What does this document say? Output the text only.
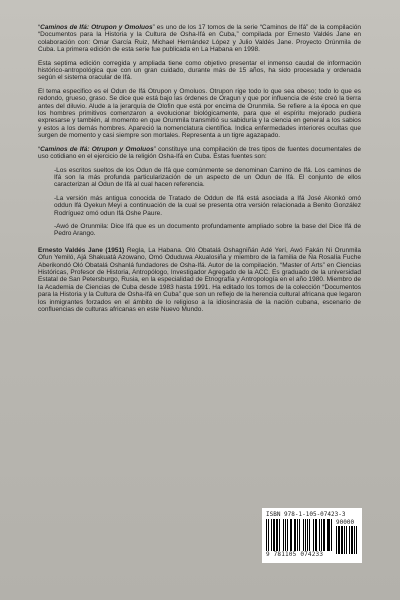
“Caminos de Ifá: Otrupon y Omoluos” es uno de los 17 tomos de la serie “Caminos de Ifá” de la compilación “Documentos para la Historia y la Cultura de Osha-Ifá en Cuba,” compilada por Ernesto Valdés Jane en colaboración con: Omar García Ruiz, Michael Hernández López y Julio Valdés Jane. Proyecto Orúnmila de Cuba. La primera edición de esta serie fue publicada en La Habana en 1998.

Esta septima edición corregida y ampliada tiene como objetivo presentar el inmenso caudal de información histórico-antropológica que con un gran cuidado, durante más de 15 años, ha sido procesada y ordenada según el sistema oracular de Ifá.

El tema especifico es el Odun de Ifá Otrupon y Omoluos. Otrupon rige todo lo que sea obeso; todo lo que es redondo, grueso, graso. Se dice que está bajo las órdenes de Oragun y que por influencia de éste creó la tierra antes del diluvio. Alude a la jerarquía de Olofin que está por encima de Orunmila. Se refiere a la época en que los hombres primitivos comenzaron a evolucionar biológicamente, para que el espíritu mejorado pudiera expresarse y también, al momento en que Orunmila transmitió su sabiduría y la ciencia en general a los sabios y estos a los demás hombres. Apareció la nomenclatura científica. Indica enfermedades interiores ocultas que surgen de momento y casi siempre son mortales. Representa a un tigre agazapado.

“Caminos de Ifá: Otrupon y Omoluos” constituye una compilación de tres tipos de fuentes documentales de uso cotidiano en el ejercicio de la religión Osha-Ifá en Cuba. Estas fuentes son:

-Los escritos sueltos de los Odun de Ifá que comúnmente se denominan Camino de Ifá. Los caminos de Ifá son la más profunda particularización de un aspecto de un Odun de Ifá. El conjunto de ellos caracterizan al Odun de Ifá al cual hacen referencia.

-La versión más antigua conocida de Tratado de Oddun de Ifá está asociada a Ifá José Akonkó omó oddun Ifá Oyekun Meyi a continuación de la cual se presenta otra versión relacionada a Benito González Rodríguez omó odun Ifá Oshe Paure.

-Awó de Orunmila: Dice Ifá que es un documento profundamente ampliado sobre la base del Dice Ifá de Pedro Arango.

Ernesto Valdés Jane (1951) Regla, La Habana. Oló Obatalá Oshagniñán Adé Yerí, Awó Fakán Ni Orunmila Ofun Yemiló, Ajá Shakuatá Azowano, Omó Oduduwa Akualosiña y miembro de la familia de Ña Rosalía Fuche Aberikondó Oló Obatalá Oshanlá fundadores de Osha-Ifá. Autor de la compilación. “Master of Arts” en Ciencias Históricas, Profesor de Historia, Antropólogo, Investigador Agregado de la ACC. Es graduado de la universidad Estatal de San Petersburgo, Rusia, en la especialidad de Etnografía y Antropología en el año 1980. Miembro de la Academia de Ciencias de Cuba desde 1983 hasta 1991. Ha editado los tomos de la colección “Documentos para la Historia y la Cultura de Osha-Ifá en Cuba” que son un reflejo de la herencia cultural africana que legaron los inmigrantes forzados en el ámbito de lo religioso a la idiosincrasia de la nación cubana, escenario de confluencias de culturas africanas en este Nuevo Mundo.

ISBN 978-1-105-07423-3
9 781105 074233
90000
